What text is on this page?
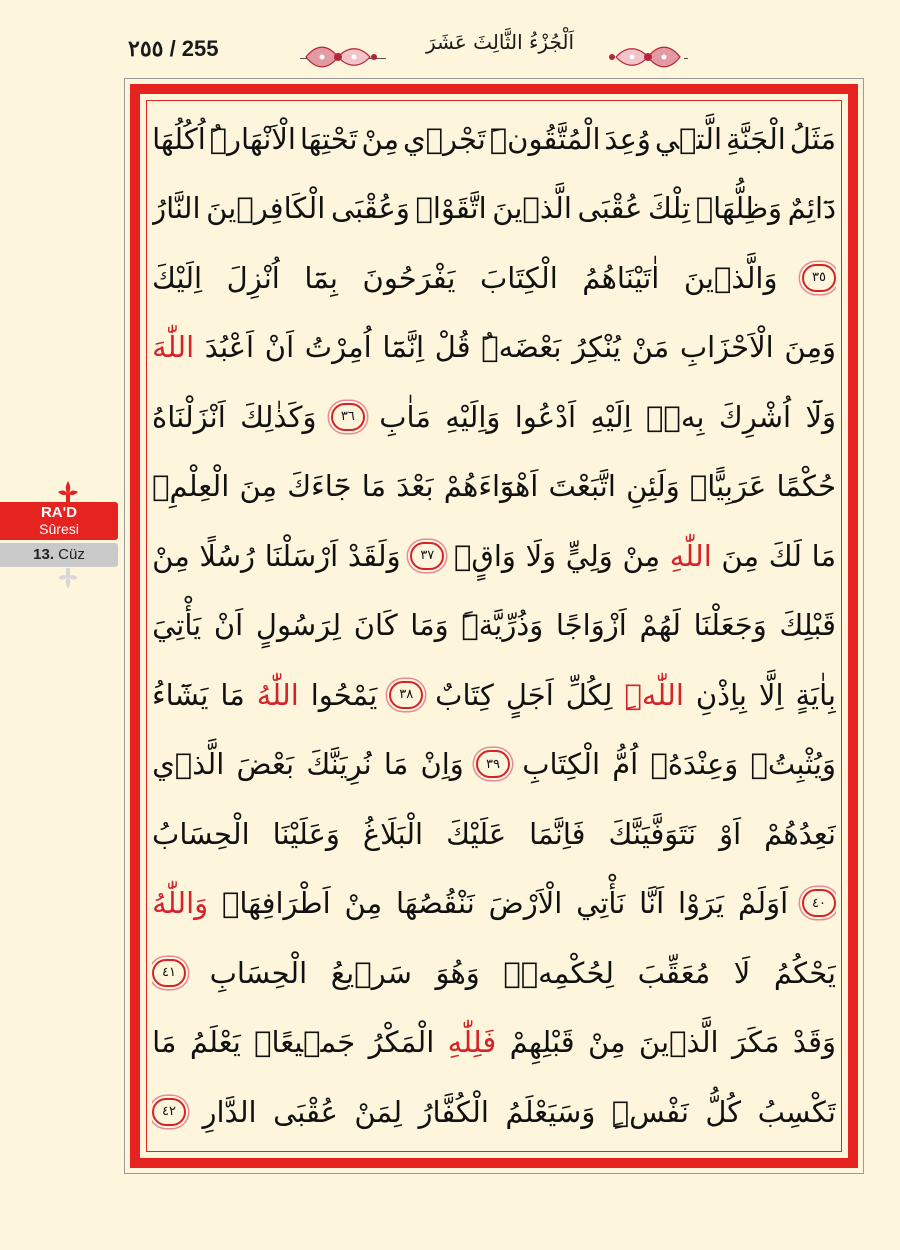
٢٥٥ / 255	اَلْجُزْءُ الثَّالِثَ عَشَرَ
مَثَلُ
الْجَنَّةِ
الَّت۪ي
وُعِدَ
الْمُتَّقُونَۜ
تَجْر۪ي
مِنْ
تَحْتِهَا
الْاَنْهَارُۜ
اُكُلُهَا
دَٓائِمٌ
وَظِلُّهَاۜ
تِلْكَ
عُقْبَى
الَّذ۪ينَ
اتَّقَوْاۗ
وَعُقْبَى
الْكَافِر۪ينَ
النَّارُ
٣٥
وَالَّذ۪ينَ
اٰتَيْنَاهُمُ
الْكِتَابَ
يَفْرَحُونَ
بِمَٓا
اُنْزِلَ
اِلَيْكَ
وَمِنَ
الْاَحْزَابِ
مَنْ
يُنْكِرُ
بَعْضَهُۜ
قُلْ
اِنَّمَٓا
اُمِرْتُ
اَنْ
اَعْبُدَ
اللّٰهَ
وَلَٓا
اُشْرِكَ
بِه۪ۜ
اِلَيْهِ
اَدْعُوا
وَاِلَيْهِ
مَاٰبِ
٣٦
وَكَذٰلِكَ
اَنْزَلْنَاهُ
حُكْمًا
عَرَبِيًّاۜ
وَلَئِنِ
اتَّبَعْتَ
اَهْوَٓاءَهُمْ
بَعْدَ
مَا
جَٓاءَكَ
مِنَ
الْعِلْمِۙ
مَا
لَكَ
مِنَ
اللّٰهِ
مِنْ
وَلِيٍّ
وَلَا
وَاقٍ۟
٣٧
وَلَقَدْ
اَرْسَلْنَا
رُسُلًا
مِنْ
قَبْلِكَ
وَجَعَلْنَا
لَهُمْ
اَزْوَاجًا
وَذُرِّيَّةًۜ
وَمَا
كَانَ
لِرَسُولٍ
اَنْ
يَأْتِيَ
بِاٰيَةٍ
اِلَّا
بِاِذْنِ
اللّٰهِۜ
لِكُلِّ
اَجَلٍ
كِتَابٌ
٣٨
يَمْحُوا
اللّٰهُ
مَا
يَشَٓاءُ
وَيُثْبِتُۚ
وَعِنْدَهُ۠
اُمُّ
الْكِتَابِ
٣٩
وَاِنْ
مَا
نُرِيَنَّكَ
بَعْضَ
الَّذ۪ي
نَعِدُهُمْ
اَوْ
نَتَوَفَّيَنَّكَ
فَاِنَّمَا
عَلَيْكَ
الْبَلَاغُ
وَعَلَيْنَا
الْحِسَابُ
٤٠
اَوَلَمْ
يَرَوْا
اَنَّا
نَأْتِي
الْاَرْضَ
نَنْقُصُهَا
مِنْ
اَطْرَافِهَاۜ
وَاللّٰهُ
يَحْكُمُ
لَا
مُعَقِّبَ
لِحُكْمِه۪ۜ
وَهُوَ
سَر۪يعُ
الْحِسَابِ
٤١
وَقَدْ
مَكَرَ
الَّذ۪ينَ
مِنْ
قَبْلِهِمْ
فَلِلّٰهِ
الْمَكْرُ
جَم۪يعًاۜ
يَعْلَمُ
مَا
تَكْسِبُ
كُلُّ
نَفْسٍۜ
وَسَيَعْلَمُ
الْكُفَّارُ
لِمَنْ
عُقْبَى
الدَّارِ
٤٢
RA'D
Sûresi
13. Cüz
